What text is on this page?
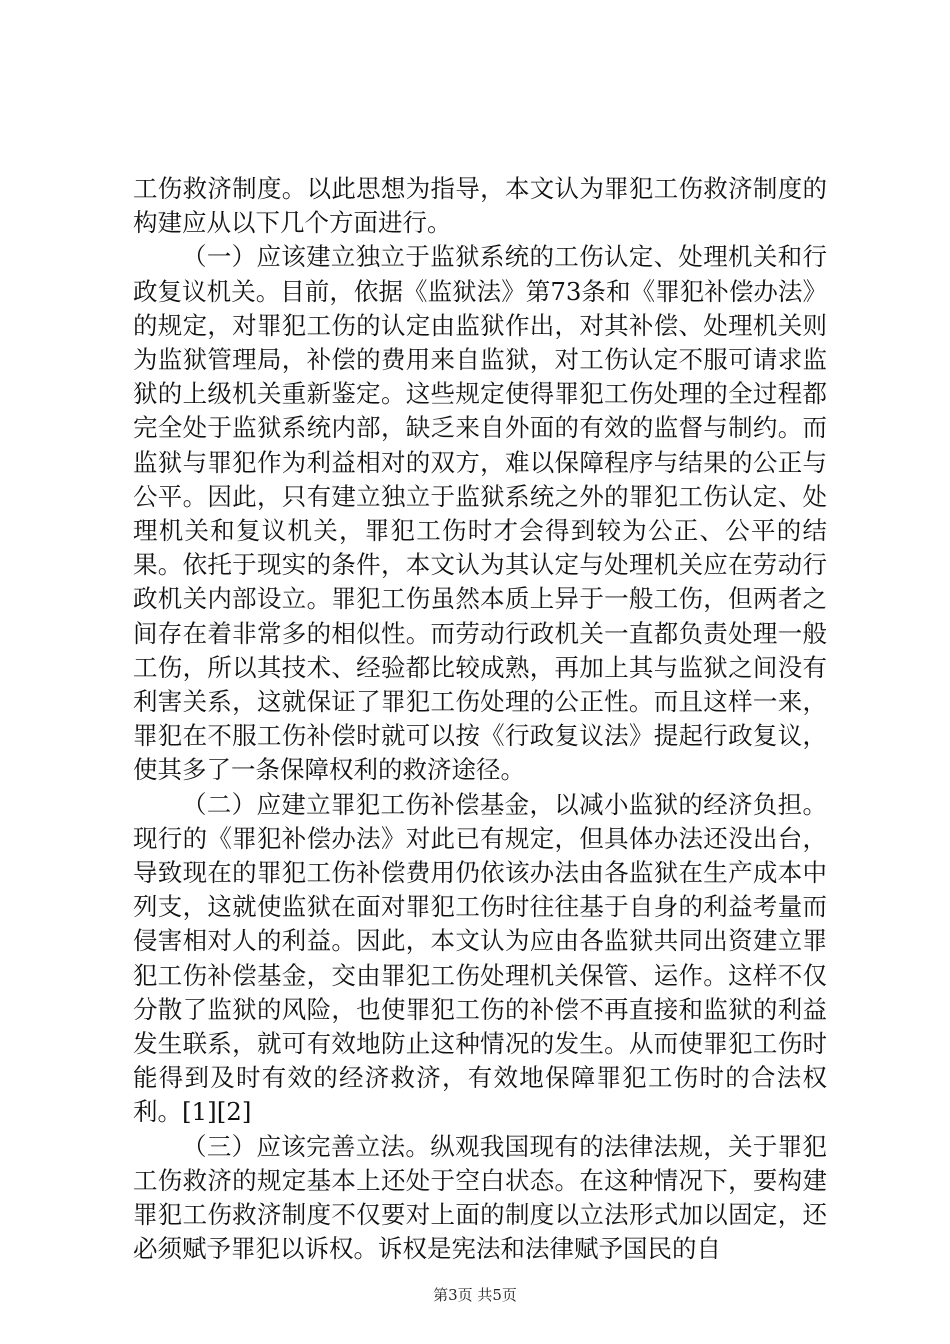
工伤救济制度。以此思想为指导，本文认为罪犯工伤救济制度的构建应从以下几个方面进行。

（一）应该建立独立于监狱系统的工伤认定、处理机关和行政复议机关。目前，依据《监狱法》第73条和《罪犯补偿办法》的规定，对罪犯工伤的认定由监狱作出，对其补偿、处理机关则为监狱管理局，补偿的费用来自监狱，对工伤认定不服可请求监狱的上级机关重新鉴定。这些规定使得罪犯工伤处理的全过程都完全处于监狱系统内部，缺乏来自外面的有效的监督与制约。而监狱与罪犯作为利益相对的双方，难以保障程序与结果的公正与公平。因此，只有建立独立于监狱系统之外的罪犯工伤认定、处理机关和复议机关，罪犯工伤时才会得到较为公正、公平的结果。依托于现实的条件，本文认为其认定与处理机关应在劳动行政机关内部设立。罪犯工伤虽然本质上异于一般工伤，但两者之间存在着非常多的相似性。而劳动行政机关一直都负责处理一般工伤，所以其技术、经验都比较成熟，再加上其与监狱之间没有利害关系，这就保证了罪犯工伤处理的公正性。而且这样一来，罪犯在不服工伤补偿时就可以按《行政复议法》提起行政复议，使其多了一条保障权利的救济途径。

（二）应建立罪犯工伤补偿基金，以减小监狱的经济负担。现行的《罪犯补偿办法》对此已有规定，但具体办法还没出台，导致现在的罪犯工伤补偿费用仍依该办法由各监狱在生产成本中列支，这就使监狱在面对罪犯工伤时往往基于自身的利益考量而侵害相对人的利益。因此，本文认为应由各监狱共同出资建立罪犯工伤补偿基金，交由罪犯工伤处理机关保管、运作。这样不仅分散了监狱的风险，也使罪犯工伤的补偿不再直接和监狱的利益发生联系，就可有效地防止这种情况的发生。从而使罪犯工伤时能得到及时有效的经济救济，有效地保障罪犯工伤时的合法权利。[1][2]

（三）应该完善立法。纵观我国现有的法律法规，关于罪犯工伤救济的规定基本上还处于空白状态。在这种情况下，要构建罪犯工伤救济制度不仅要对上面的制度以立法形式加以固定，还必须赋予罪犯以诉权。诉权是宪法和法律赋予国民的自

第3页 共5页
